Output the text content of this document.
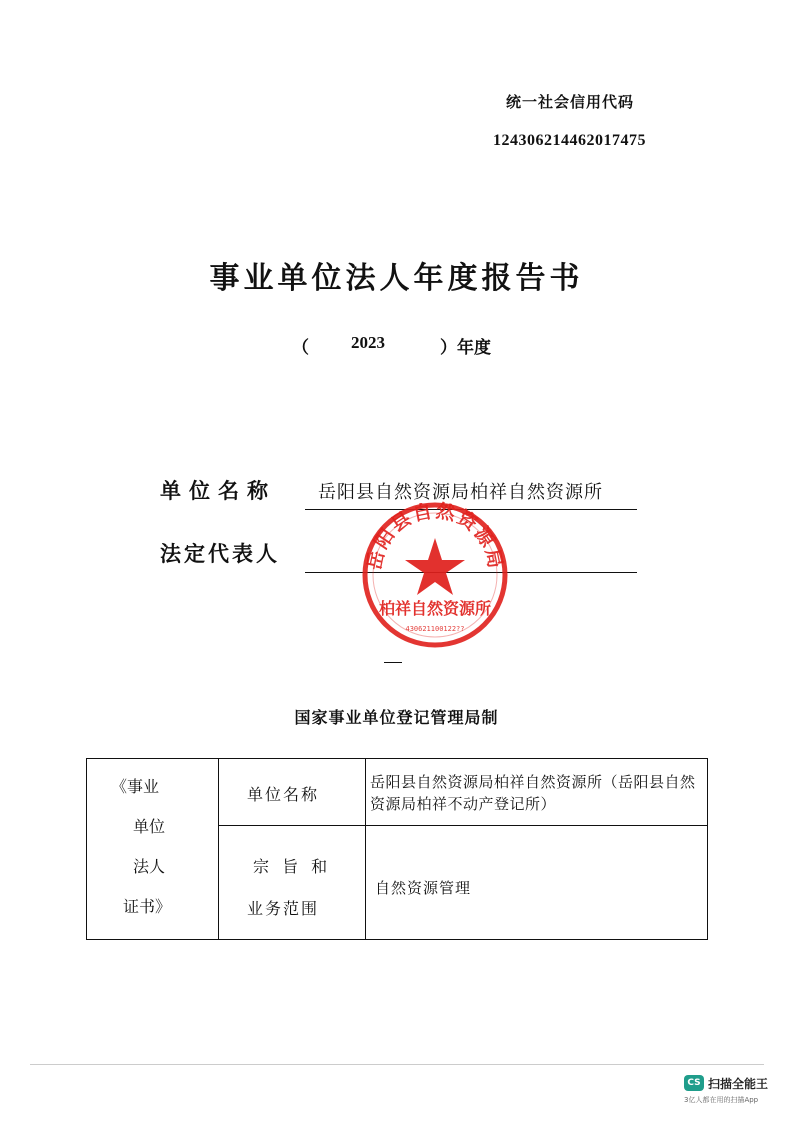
统一社会信用代码
12430621446201747​5
事业单位法人年度报告书
（ 2023	）年度
单位名称 岳阳县自然资源局柏祥自然资源所
法定代表人	岳阳县自然资源局
柏祥自然资源所
430621100122??
国家事业单位登记管理局制
《事业
单位
法人
证书》
单位名称
岳阳县自然资源局柏祥自然资源所（岳阳县自然资源局柏祥不动产登记所）
宗 旨 和
业务范围
自然资源管理
CS 扫描全能王
3亿人都在用的扫描App
